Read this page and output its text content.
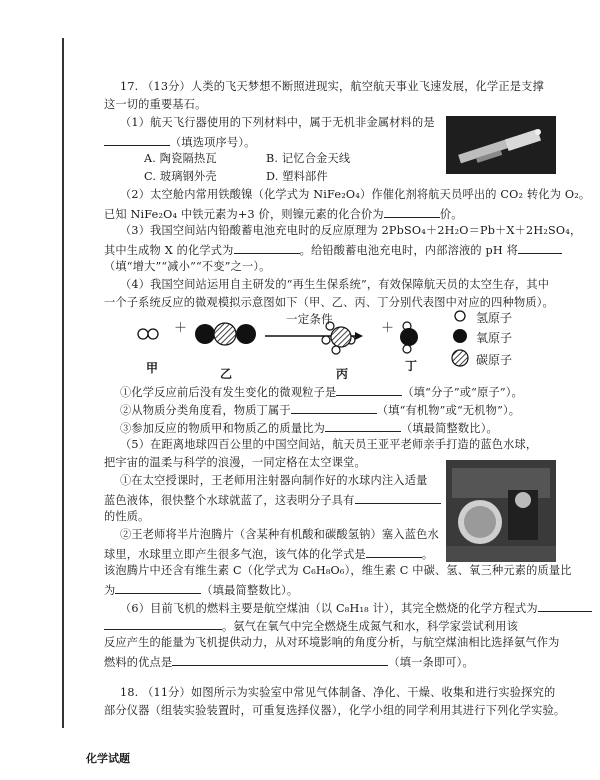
17. （13分）人类的飞天梦想不断照进现实，航空航天事业飞速发展，化学正是支撑
这一切的重要基石。
（1）航天飞行器使用的下列材料中，属于无机非金属材料的是
（填选项序号）。
A. 陶瓷隔热瓦	B. 记忆合金天线
C. 玻璃钢外壳	D. 塑料部件
（2）太空舱内常用铁酸镍（化学式为 NiFe₂O₄）作催化剂将航天员呼出的 CO₂ 转化为 O₂。
已知 NiFe₂O₄ 中铁元素为+3 价，则镍元素的化合价为	价。
（3）我国空间站内铅酸蓄电池充电时的反应原理为 2PbSO₄＋2H₂O＝Pb＋X＋2H₂SO₄，
其中生成物 X 的化学式为	。给铅酸蓄电池充电时，内部溶液的 pH 将
（填“增大”“减小”“不变”之一）。
（4）我国空间站运用自主研发的“再生生保系统”，有效保障航天员的太空生存，其中
一个子系统反应的微观模拟示意图如下（甲、乙、丙、丁分别代表图中对应的四种物质）。
＋	＋
一定条件
甲	乙	丙
丁
氢原子
氧原子
碳原子
①化学反应前后没有发生变化的微观粒子是	（填“分子”或“原子”）。
②从物质分类角度看，物质丁属于	（填“有机物”或“无机物”）。
③参加反应的物质甲和物质乙的质量比为	（填最简整数比）。
（5）在距离地球四百公里的中国空间站，航天员王亚平老师亲手打造的蓝色水球，
把宇宙的温柔与科学的浪漫，一同定格在太空课堂。
①在太空授课时，王老师用注射器向制作好的水球内注入适量
蓝色液体，很快整个水球就蓝了，这表明分子具有
的性质。
②王老师将半片泡腾片（含某种有机酸和碳酸氢钠）塞入蓝色水
球里，水球里立即产生很多气泡，该气体的化学式是	。
该泡腾片中还含有维生素 C（化学式为 C₆H₈O₆），维生素 C 中碳、氢、氧三种元素的质量比
为	（填最简整数比）。
（6）目前飞机的燃料主要是航空煤油（以 C₈H₁₈ 计），其完全燃烧的化学方程式为
。氨气在氧气中完全燃烧生成氮气和水，科学家尝试利用该
反应产生的能量为飞机提供动力，从对环境影响的角度分析，与航空煤油相比选择氨气作为
燃料的优点是	（填一条即可）。
18. （11分）如图所示为实验室中常见气体制备、净化、干燥、收集和进行实验探究的
部分仪器（组装实验装置时，可重复选择仪器），化学小组的同学利用其进行下列化学实验。
化学试题
